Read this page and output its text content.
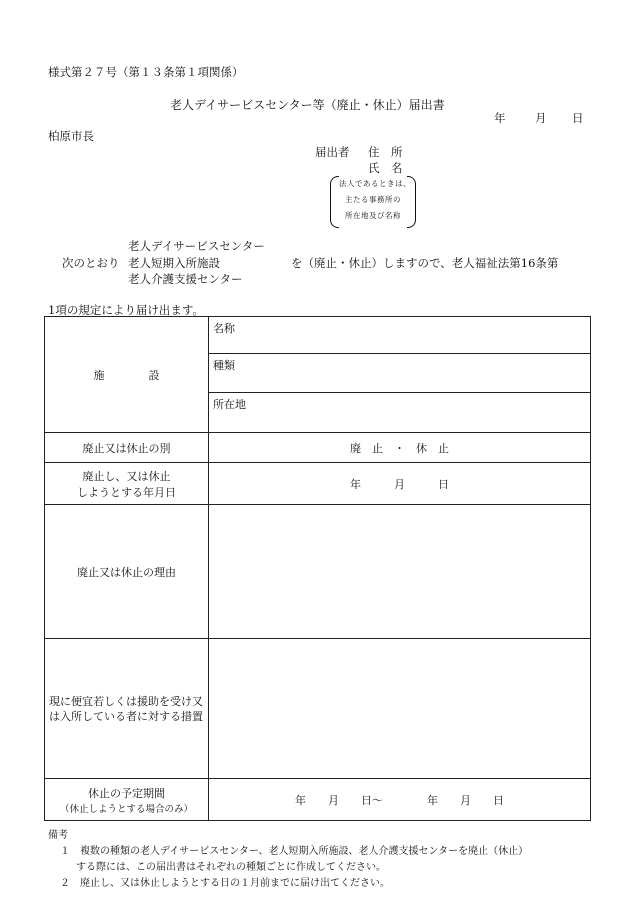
様式第２７号（第１３条第１項関係）
老人デイサービスセンター等（廃止・休止）届出書
年	月 日
柏原市長
届出者 住　所
氏　名
法人であるときは、
主たる事務所の
所在地及び名称
老人デイサービスセンター
次のとおり 老人短期入所施設	を（廃止・休止）しますので、老人福祉法第16条第
老人介護支援センター
1項の規定により届け出ます。
施　　　　設	名称
	種類
	所在地
廃止又は休止の別	廃　止　・　休　止

廃止し、又は休止
しようとする年月日	年　　　月　　　日
廃止又は休止の理由	
現に便宜若しくは援助を受け又は入所している者に対する措置	

休止の予定期間
（休止しようとする場合のみ）	年　　月　　日～　　　　年　　月　　日
備考
１　複数の種類の老人デイサービスセンター、老人短期入所施設、老人介護支援センターを廃止（休止）
する際には、この届出書はそれぞれの種類ごとに作成してください。
２　廃止し、又は休止しようとする日の１月前までに届け出てください。
